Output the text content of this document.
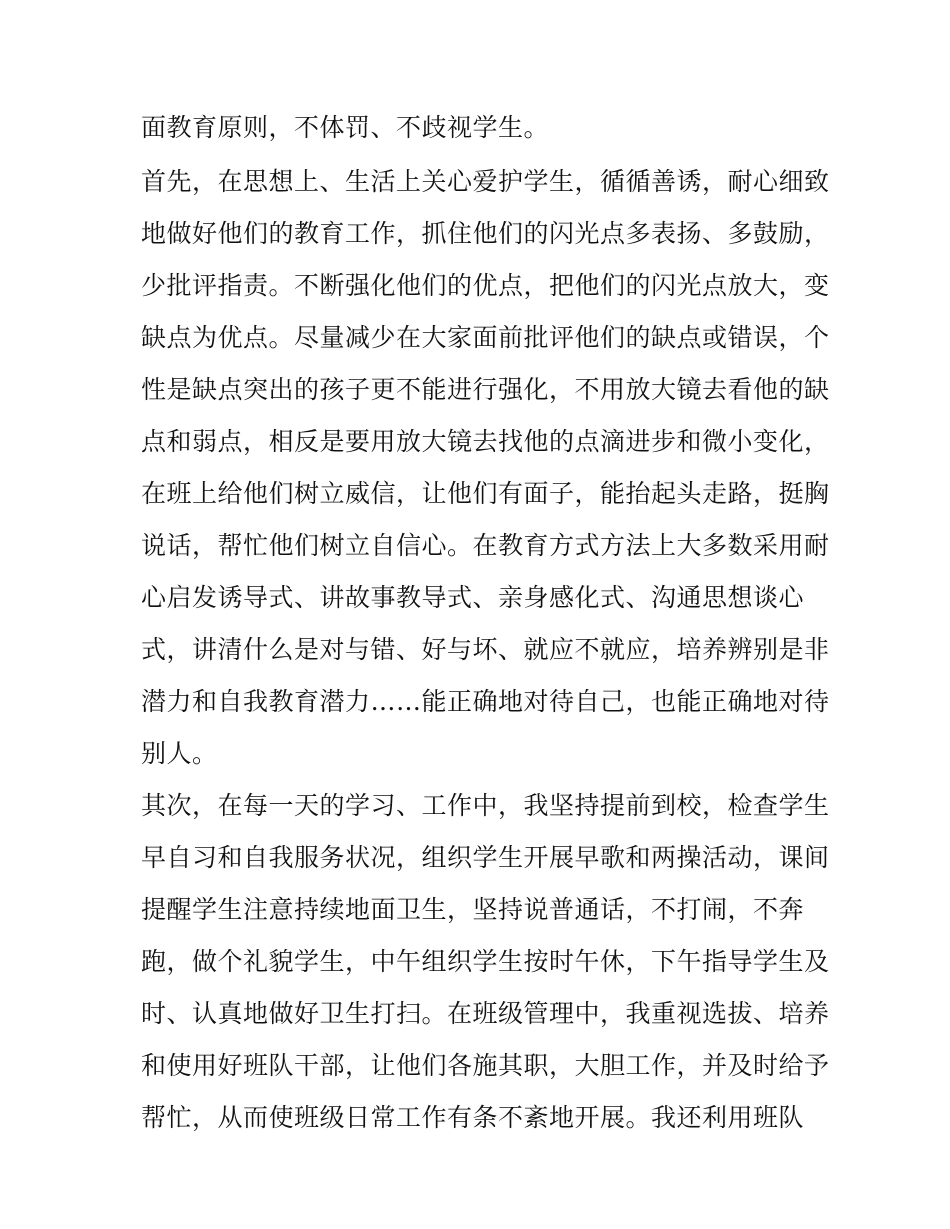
面教育原则，不体罚、不歧视学生。
首先，在思想上、生活上关心爱护学生，循循善诱，耐心细致
地做好他们的教育工作，抓住他们的闪光点多表扬、多鼓励，
少批评指责。不断强化他们的优点，把他们的闪光点放大，变
缺点为优点。尽量减少在大家面前批评他们的缺点或错误，个
性是缺点突出的孩子更不能进行强化，不用放大镜去看他的缺
点和弱点，相反是要用放大镜去找他的点滴进步和微小变化，
在班上给他们树立威信，让他们有面子，能抬起头走路，挺胸
说话，帮忙他们树立自信心。在教育方式方法上大多数采用耐
心启发诱导式、讲故事教导式、亲身感化式、沟通思想谈心
式，讲清什么是对与错、好与坏、就应不就应，培养辨别是非
潜力和自我教育潜力……能正确地对待自己，也能正确地对待
别人。
其次，在每一天的学习、工作中，我坚持提前到校，检查学生
早自习和自我服务状况，组织学生开展早歌和两操活动，课间
提醒学生注意持续地面卫生，坚持说普通话，不打闹，不奔
跑，做个礼貌学生，中午组织学生按时午休，下午指导学生及
时、认真地做好卫生打扫。在班级管理中，我重视选拔、培养
和使用好班队干部，让他们各施其职，大胆工作，并及时给予
帮忙，从而使班级日常工作有条不紊地开展。我还利用班队
